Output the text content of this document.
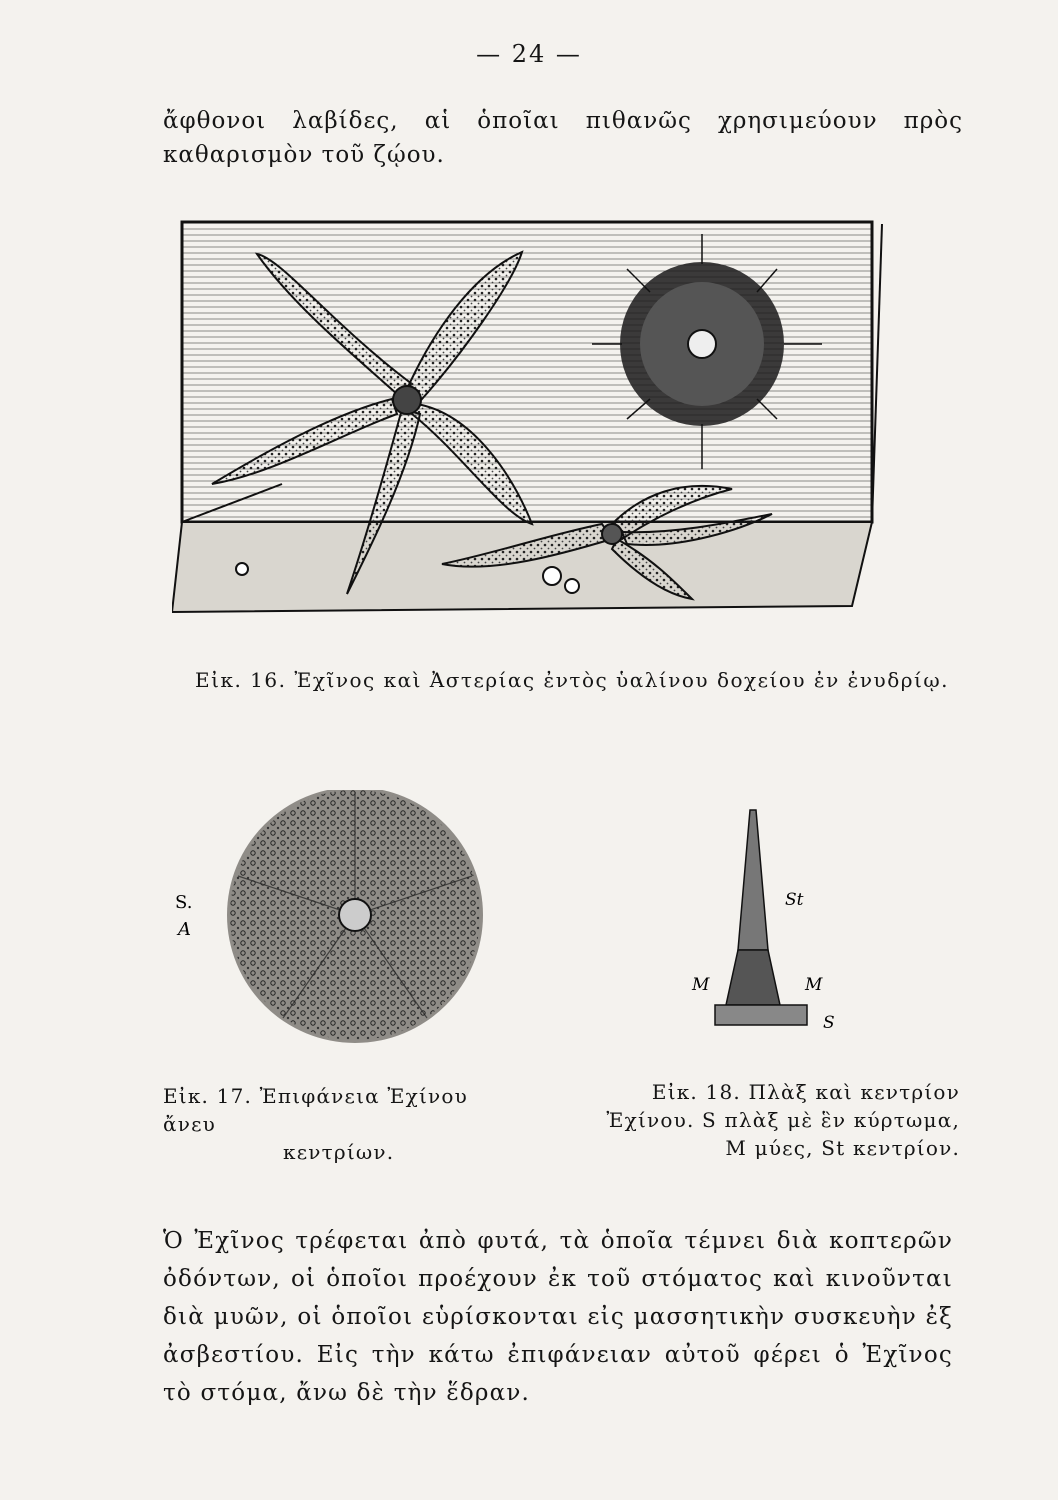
— 24 —
ἄφθονοι λαβίδες, αἱ ὁποῖαι πιθανῶς χρησιμεύουν πρὸς καθαρισμὸν τοῦ ζῴου.
Εἰκ. 16. Ἐχῖνος καὶ Ἀστερίας ἐντὸς ὑαλίνου δοχείου ἐν ἐνυδρίῳ.
S.
A
St
M	M
S
Εἰκ. 17. Ἐπιφάνεια Ἐχίνου ἄνευ
κεντρίων.
Εἰκ. 18. Πλὰξ καὶ κεντρίον
Ἐχίνου. S πλὰξ μὲ ἓν κύρτωμα,
M μύες, St κεντρίον.
Ὁ Ἐχῖνος τρέφεται ἀπὸ φυτά, τὰ ὁποῖα τέμνει διὰ κοπτερῶν ὀδόντων, οἱ ὁποῖοι προέχουν ἐκ τοῦ στόματος καὶ κινοῦνται διὰ μυῶν, οἱ ὁποῖοι εὑρίσκονται εἰς μασσητικὴν συσκευὴν ἐξ ἀσβεστίου. Εἰς τὴν κάτω ἐπιφάνειαν αὐτοῦ φέρει ὁ Ἐχῖνος τὸ στόμα, ἄνω δὲ τὴν ἕδραν.
